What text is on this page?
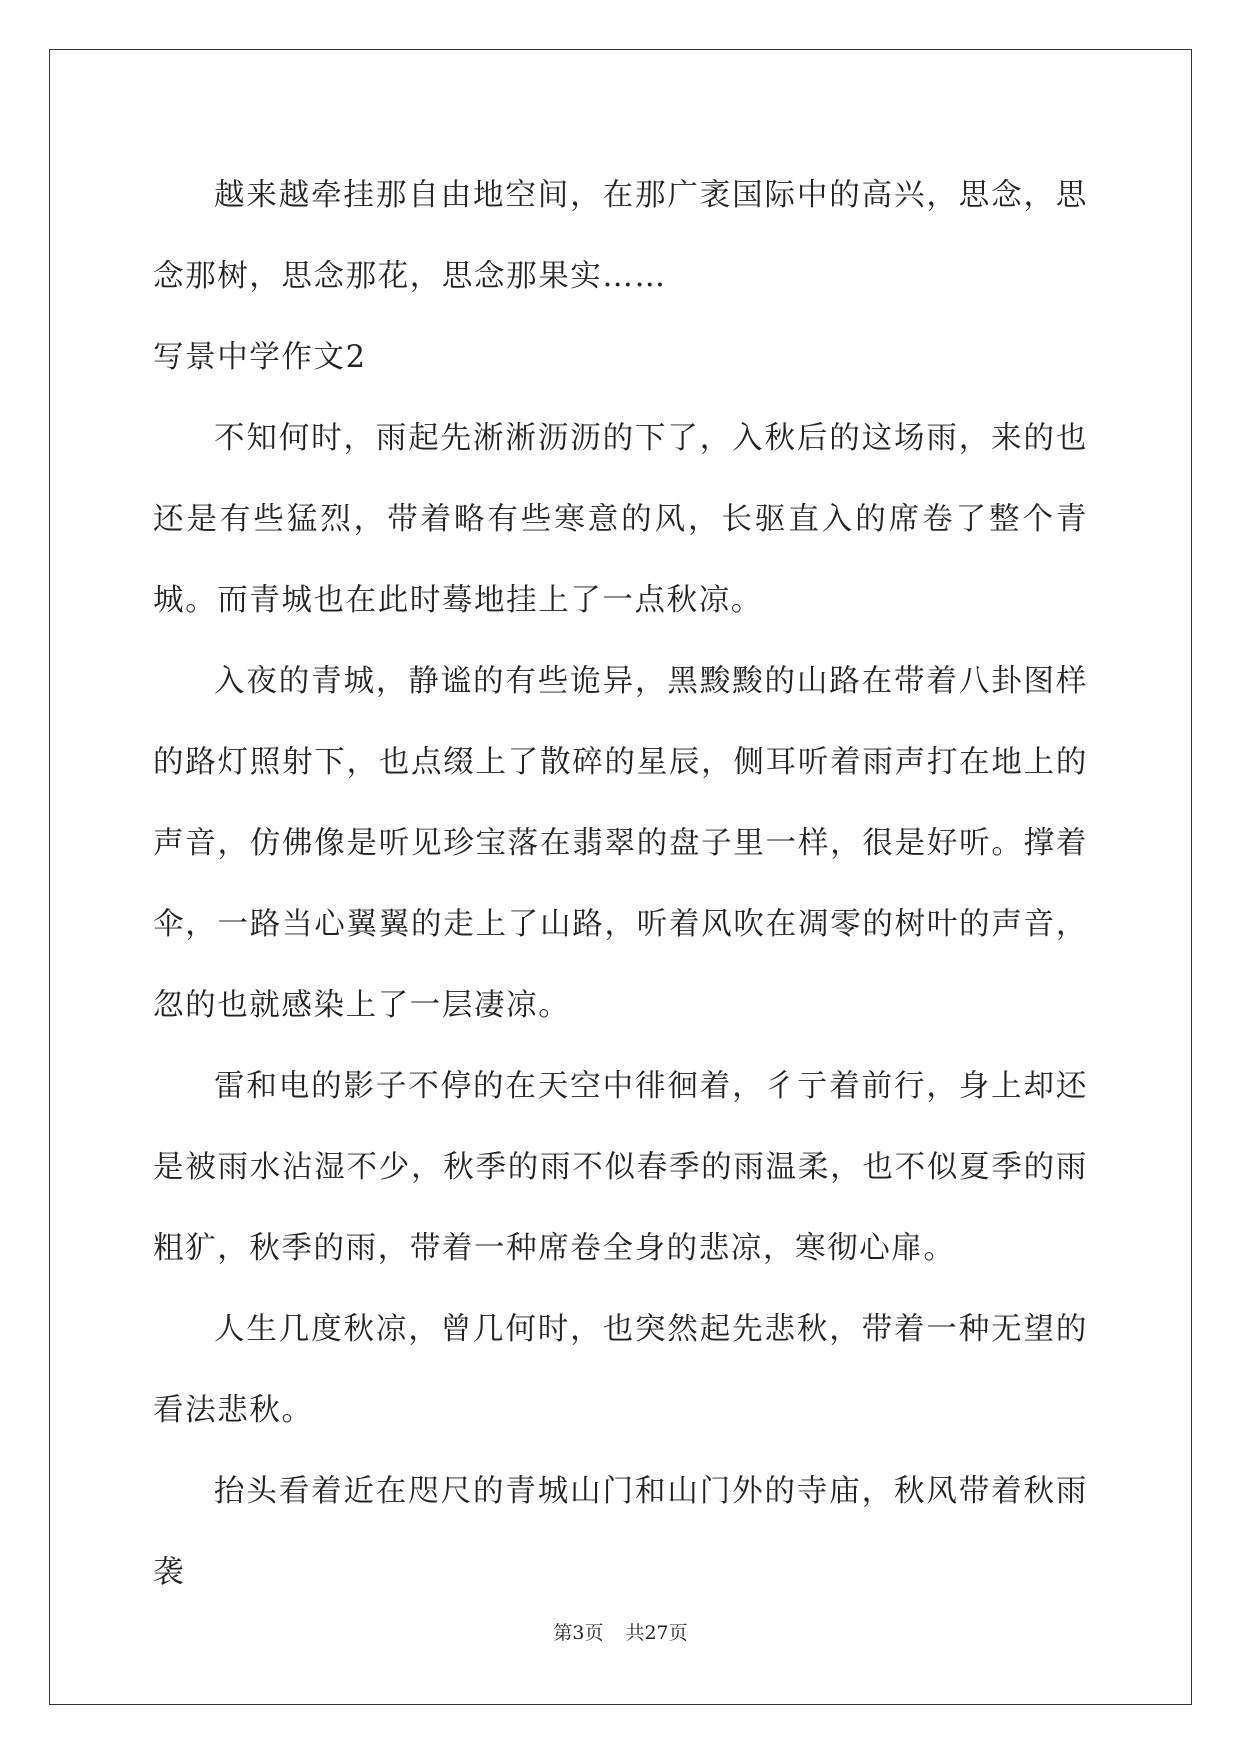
越来越牵挂那自由地空间，在那广袤国际中的高兴，思念，思念那树，思念那花，思念那果实……

写景中学作文2

不知何时，雨起先淅淅沥沥的下了，入秋后的这场雨，来的也还是有些猛烈，带着略有些寒意的风，长驱直入的席卷了整个青城。而青城也在此时蓦地挂上了一点秋凉。

入夜的青城，静谧的有些诡异，黑黢黢的山路在带着八卦图样的路灯照射下，也点缀上了散碎的星辰，侧耳听着雨声打在地上的声音，仿佛像是听见珍宝落在翡翠的盘子里一样，很是好听。撑着伞，一路当心翼翼的走上了山路，听着风吹在凋零的树叶的声音，忽的也就感染上了一层凄凉。

雷和电的影子不停的在天空中徘徊着，彳亍着前行，身上却还是被雨水沾湿不少，秋季的雨不似春季的雨温柔，也不似夏季的雨粗犷，秋季的雨，带着一种席卷全身的悲凉，寒彻心扉。

人生几度秋凉，曾几何时，也突然起先悲秋，带着一种无望的看法悲秋。

抬头看着近在咫尺的青城山门和山门外的寺庙，秋风带着秋雨袭

第3页 共27页
